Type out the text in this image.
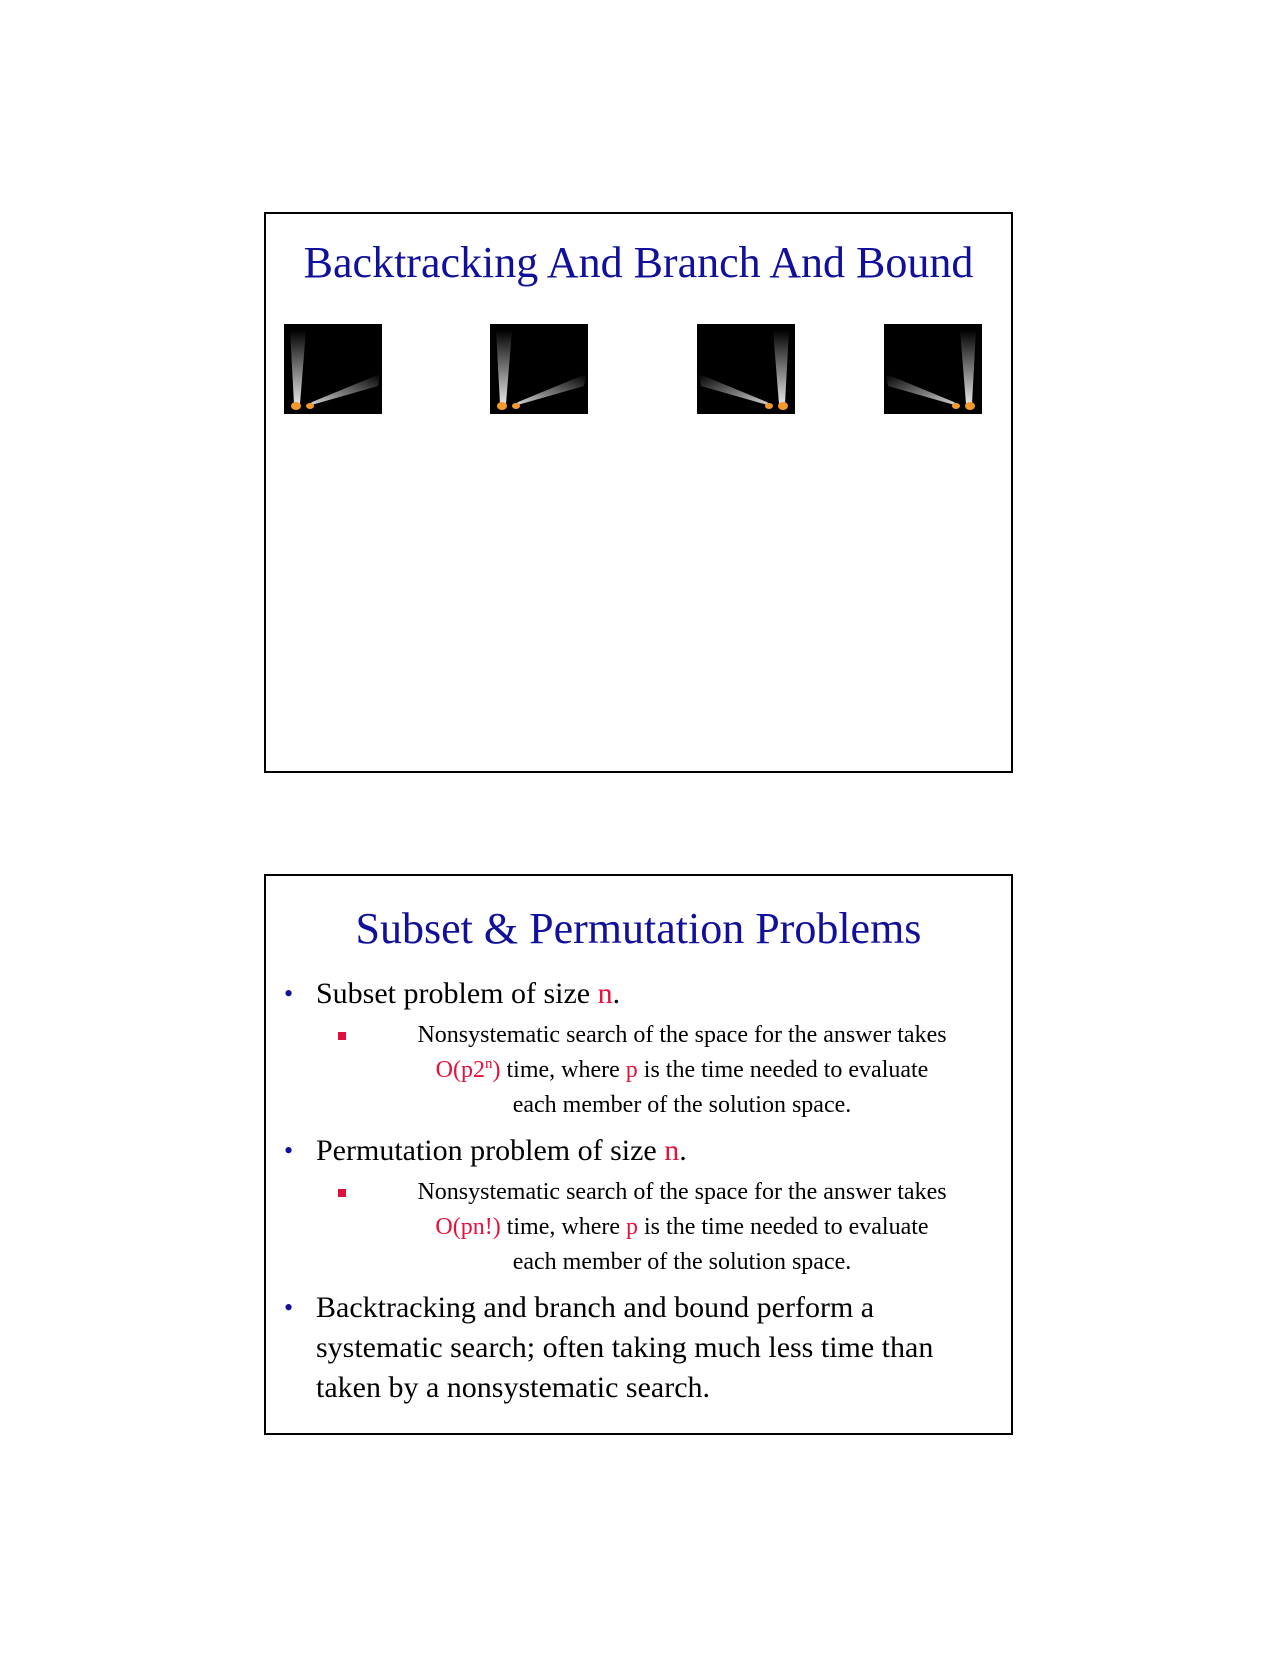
Backtracking And Branch And Bound
Subset & Permutation Problems
• Subset problem of size n.
Nonsystematic search of the space for the answer takes
O(p2$^n$) time, where p is the time needed to evaluate
each member of the solution space.
• Permutation problem of size n.
Nonsystematic search of the space for the answer takes
O(pn!) time, where p is the time needed to evaluate
each member of the solution space.
• Backtracking and branch and bound perform a systematic search; often taking much less time than taken by a nonsystematic search.
